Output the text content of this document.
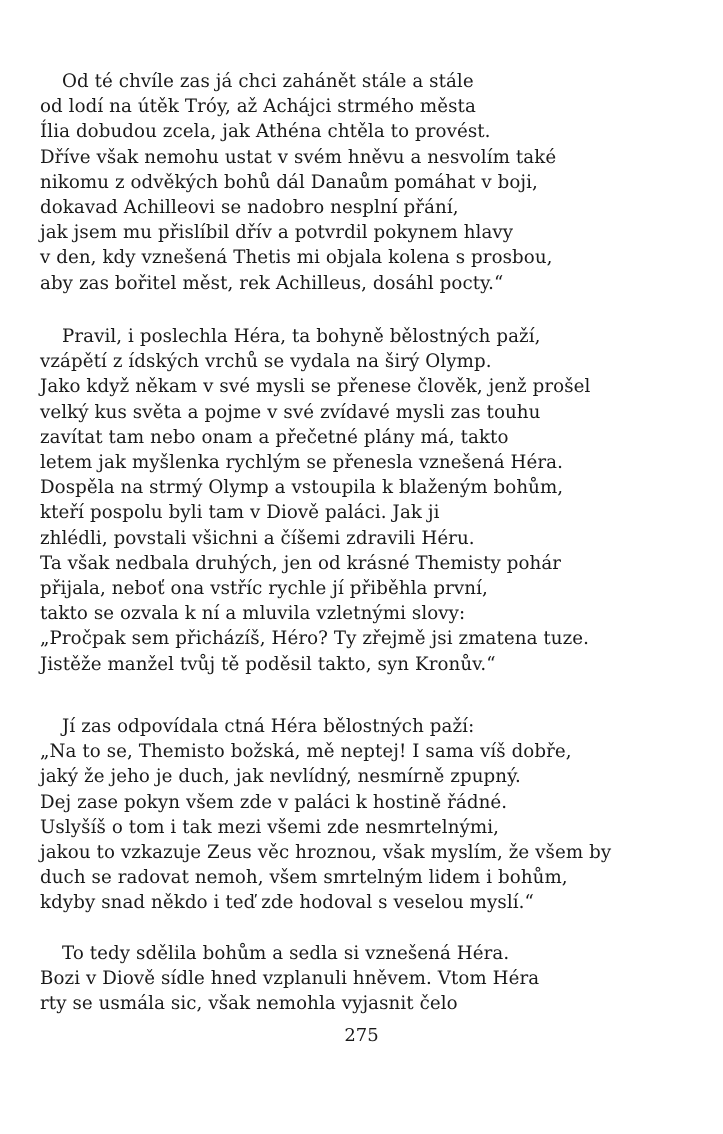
Od té chvíle zas já chci zahánět stále a stále
od lodí na útěk Tróy, až Achájci strmého města
Ília dobudou zcela, jak Athéna chtěla to provést.
Dříve však nemohu ustat v svém hněvu a nesvolím také
nikomu z odvěkých bohů dál Danaům pomáhat v boji,
dokavad Achilleovi se nadobro nesplní přání,
jak jsem mu přislíbil dřív a potvrdil pokynem hlavy
v den, kdy vznešená Thetis mi objala kolena s prosbou,
aby zas bořitel měst, rek Achilleus, dosáhl pocty.“
Pravil, i poslechla Héra, ta bohyně bělostných paží,
vzápětí z ídských vrchů se vydala na širý Olymp.
Jako když někam v své mysli se přenese člověk, jenž prošel
velký kus světa a pojme v své zvídavé mysli zas touhu
zavítat tam nebo onam a přečetné plány má, takto
letem jak myšlenka rychlým se přenesla vznešená Héra.
Dospěla na strmý Olymp a vstoupila k blaženým bohům,
kteří pospolu byli tam v Diově paláci. Jak ji
zhlédli, povstali všichni a číšemi zdravili Héru.
Ta však nedbala druhých, jen od krásné Themisty pohár
přijala, neboť ona vstříc rychle jí přiběhla první,
takto se ozvala k ní a mluvila vzletnými slovy:
„Pročpak sem přicházíš, Héro? Ty zřejmě jsi zmatena tuze.
Jistěže manžel tvůj tě poděsil takto, syn Kronův.“
Jí zas odpovídala ctná Héra bělostných paží:
„Na to se, Themisto božská, mě neptej! I sama víš dobře,
jaký že jeho je duch, jak nevlídný, nesmírně zpupný.
Dej zase pokyn všem zde v paláci k hostině řádné.
Uslyšíš o tom i tak mezi všemi zde nesmrtelnými,
jakou to vzkazuje Zeus věc hroznou, však myslím, že všem by
duch se radovat nemoh, všem smrtelným lidem i bohům,
kdyby snad někdo i teď zde hodoval s veselou myslí.“
To tedy sdělila bohům a sedla si vznešená Héra.
Bozi v Diově sídle hned vzplanuli hněvem. Vtom Héra
rty se usmála sic, však nemohla vyjasnit čelo
275
